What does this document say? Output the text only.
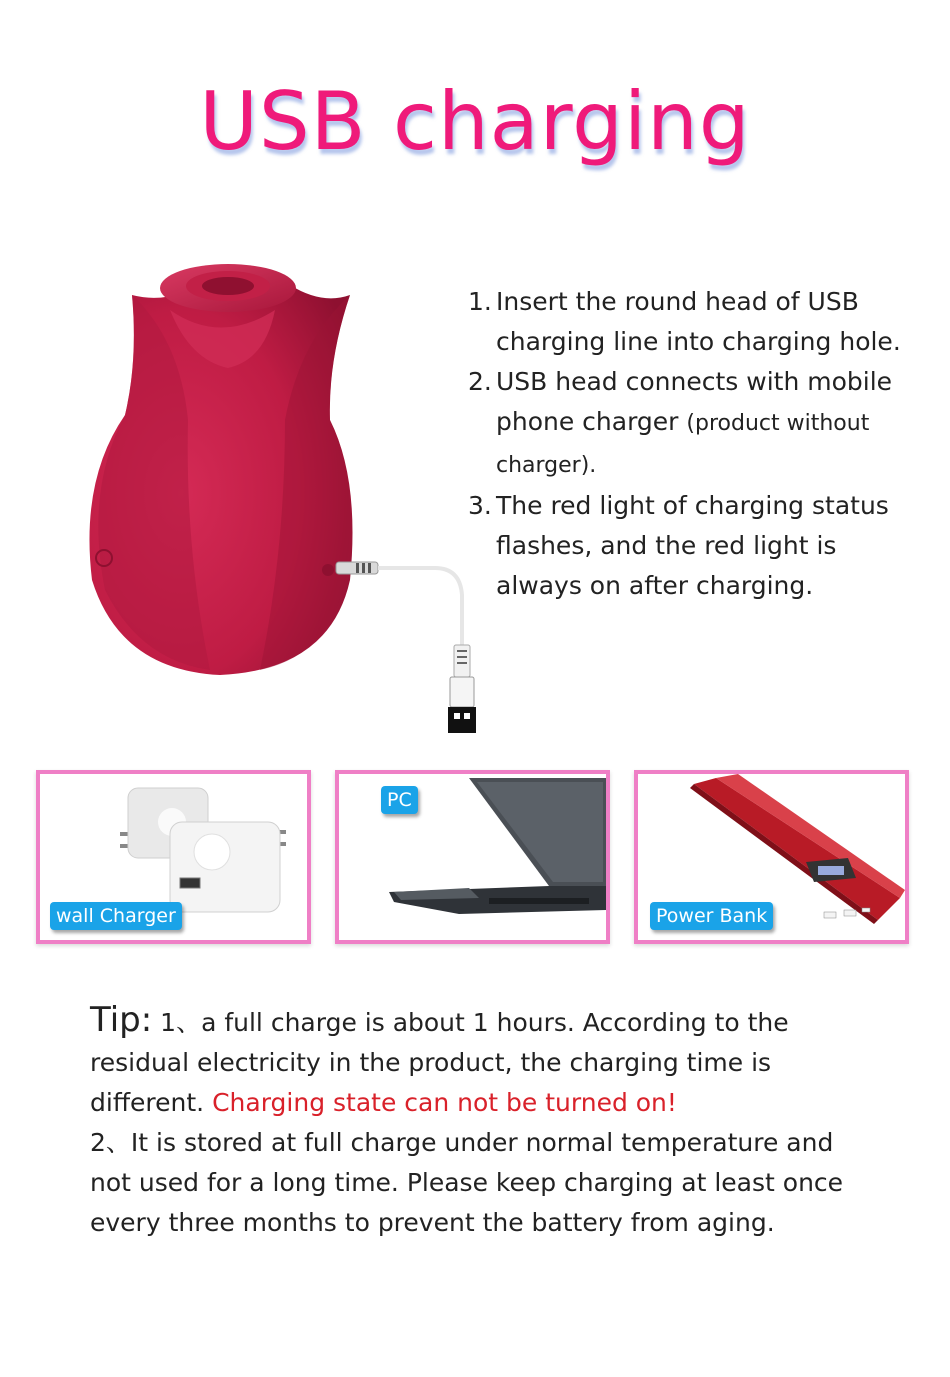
USB charging
1. Insert the round head of USB charging line into charging hole.
2. USB head connects with mobile phone charger (product without charger).
3. The red light of charging status flashes, and the red light is always on after charging.
wall Charger
PC
Power Bank
Tip: 1、a full charge is about 1 hours. According to the residual electricity in the product, the charging time is different. Charging state can not be turned on!
2、It is stored at full charge under normal temperature and not used for a long time. Please keep charging at least once every three months to prevent the battery from aging.
